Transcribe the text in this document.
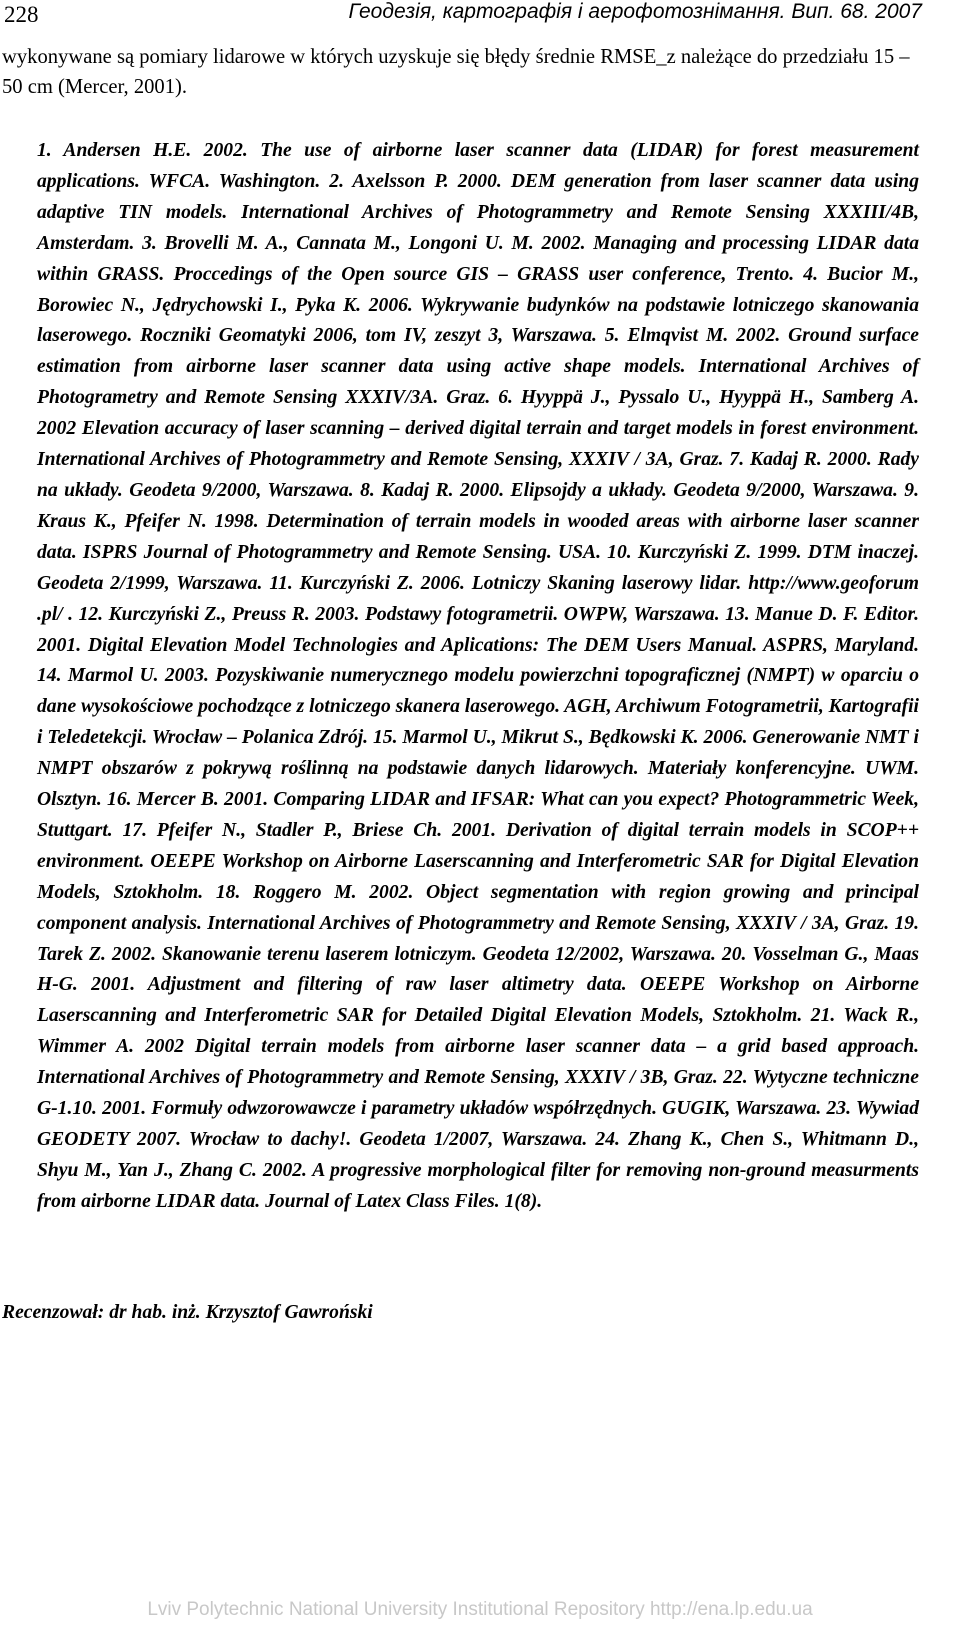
228	Геодезія, картографія і аерофотознімання. Вип. 68. 2007

wykonywane są pomiary lidarowe w których uzyskuje się błędy średnie RMSE_z należące do przedziału 15 – 50 cm (Mercer, 2001).

1. Andersen H.E. 2002. The use of airborne laser scanner data (LIDAR) for forest measurement applications. WFCA. Washington. 2. Axelsson P. 2000. DEM generation from laser scanner data using adaptive TIN models. International Archives of Photogrammetry and Remote Sensing XXXIII/4B, Amsterdam. 3. Brovelli M. A., Cannata M., Longoni U. M. 2002. Managing and processing LIDAR data within GRASS. Proccedings of the Open source GIS – GRASS user conference, Trento. 4. Bucior M., Borowiec N., Jędrychowski I., Pyka K. 2006. Wykrywanie budynków na podstawie lotniczego skanowania laserowego. Roczniki Geomatyki 2006, tom IV, zeszyt 3, Warszawa. 5. Elmqvist M. 2002. Ground surface estimation from airborne laser scanner data using active shape models. International Archives of Photogrametry and Remote Sensing XXXIV/3A. Graz. 6. Hyyppä J., Pyssalo U., Hyyppä H., Samberg A. 2002 Elevation accuracy of laser scanning – derived digital terrain and target models in forest environment. International Archives of Photogrammetry and Remote Sensing, XXXIV / 3A, Graz. 7. Kadaj R. 2000. Rady na układy. Geodeta 9/2000, Warszawa. 8. Kadaj R. 2000. Elipsojdy a układy. Geodeta 9/2000, Warszawa. 9. Kraus K., Pfeifer N. 1998. Determination of terrain models in wooded areas with airborne laser scanner data. ISPRS Journal of Photogrammetry and Remote Sensing. USA. 10. Kurczyński Z. 1999. DTM inaczej. Geodeta 2/1999, Warszawa. 11. Kurczyński Z. 2006. Lotniczy Skaning laserowy lidar. http://www.geoforum .pl/ . 12. Kurczyński Z., Preuss R. 2003. Podstawy fotogrametrii. OWPW, Warszawa. 13. Manue D. F. Editor. 2001. Digital Elevation Model Technologies and Aplications: The DEM Users Manual. ASPRS, Maryland. 14. Marmol U. 2003. Pozyskiwanie numerycznego modelu powierzchni topograficznej (NMPT) w oparciu o dane wysokościowe pochodzące z lotniczego skanera laserowego. AGH, Archiwum Fotogrametrii, Kartografii i Teledetekcji. Wrocław – Polanica Zdrój. 15. Marmol U., Mikrut S., Będkowski K. 2006. Generowanie NMT i NMPT obszarów z pokrywą roślinną na podstawie danych lidarowych. Materiały konferencyjne. UWM. Olsztyn. 16. Mercer B. 2001. Comparing LIDAR and IFSAR: What can you expect? Photogrammetric Week, Stuttgart. 17. Pfeifer N., Stadler P., Briese Ch. 2001. Derivation of digital terrain models in SCOP++ environment. OEEPE Workshop on Airborne Laserscanning and Interferometric SAR for Digital Elevation Models, Sztokholm. 18. Roggero M. 2002. Object segmentation with region growing and principal component analysis. International Archives of Photogrammetry and Remote Sensing, XXXIV / 3A, Graz. 19. Tarek Z. 2002. Skanowanie terenu laserem lotniczym. Geodeta 12/2002, Warszawa. 20. Vosselman G., Maas H-G. 2001. Adjustment and filtering of raw laser altimetry data. OEEPE Workshop on Airborne Laserscanning and Interferometric SAR for Detailed Digital Elevation Models, Sztokholm. 21. Wack R., Wimmer A. 2002 Digital terrain models from airborne laser scanner data – a grid based approach. International Archives of Photogrammetry and Remote Sensing, XXXIV / 3B, Graz. 22. Wytyczne techniczne G-1.10. 2001. Formuły odwzorowawcze i parametry układów współrzędnych. GUGIK, Warszawa. 23. Wywiad GEODETY 2007. Wrocław to dachy!. Geodeta 1/2007, Warszawa. 24. Zhang K., Chen S., Whitmann D., Shyu M., Yan J., Zhang C. 2002. A progressive morphological filter for removing non-ground measurments from airborne LIDAR data. Journal of Latex Class Files. 1(8).

Recenzował: dr hab. inż. Krzysztof Gawroński

Lviv Polytechnic National University Institutional Repository http://ena.lp.edu.ua
